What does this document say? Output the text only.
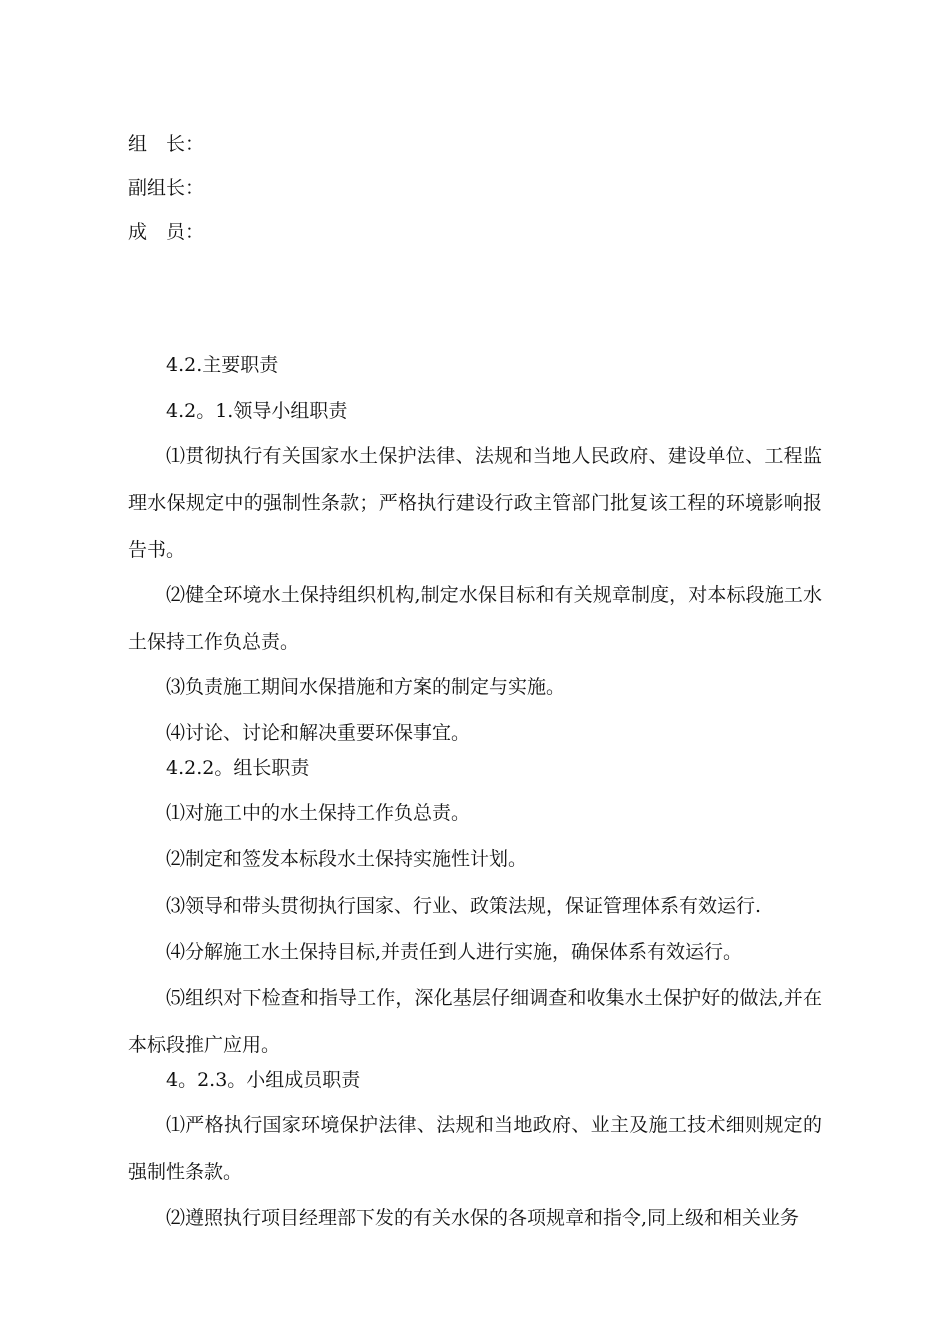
组　长：
副组长：
成　员：
4.2.主要职责
4.2。1.领导小组职责
⑴贯彻执行有关国家水土保护法律、法规和当地人民政府、建设单位、工程监理水保规定中的强制性条款；严格执行建设行政主管部门批复该工程的环境影响报告书。
⑵健全环境水土保持组织机构,制定水保目标和有关规章制度，对本标段施工水土保持工作负总责。
⑶负责施工期间水保措施和方案的制定与实施。
⑷讨论、讨论和解决重要环保事宜。
4.2.2。组长职责
⑴对施工中的水土保持工作负总责。
⑵制定和签发本标段水土保持实施性计划。
⑶领导和带头贯彻执行国家、行业、政策法规，保证管理体系有效运行.
⑷分解施工水土保持目标,并责任到人进行实施，确保体系有效运行。
⑸组织对下检查和指导工作，深化基层仔细调查和收集水土保护好的做法,并在本标段推广应用。
4。2.3。小组成员职责
⑴严格执行国家环境保护法律、法规和当地政府、业主及施工技术细则规定的强制性条款。
⑵遵照执行项目经理部下发的有关水保的各项规章和指令,同上级和相关业务
